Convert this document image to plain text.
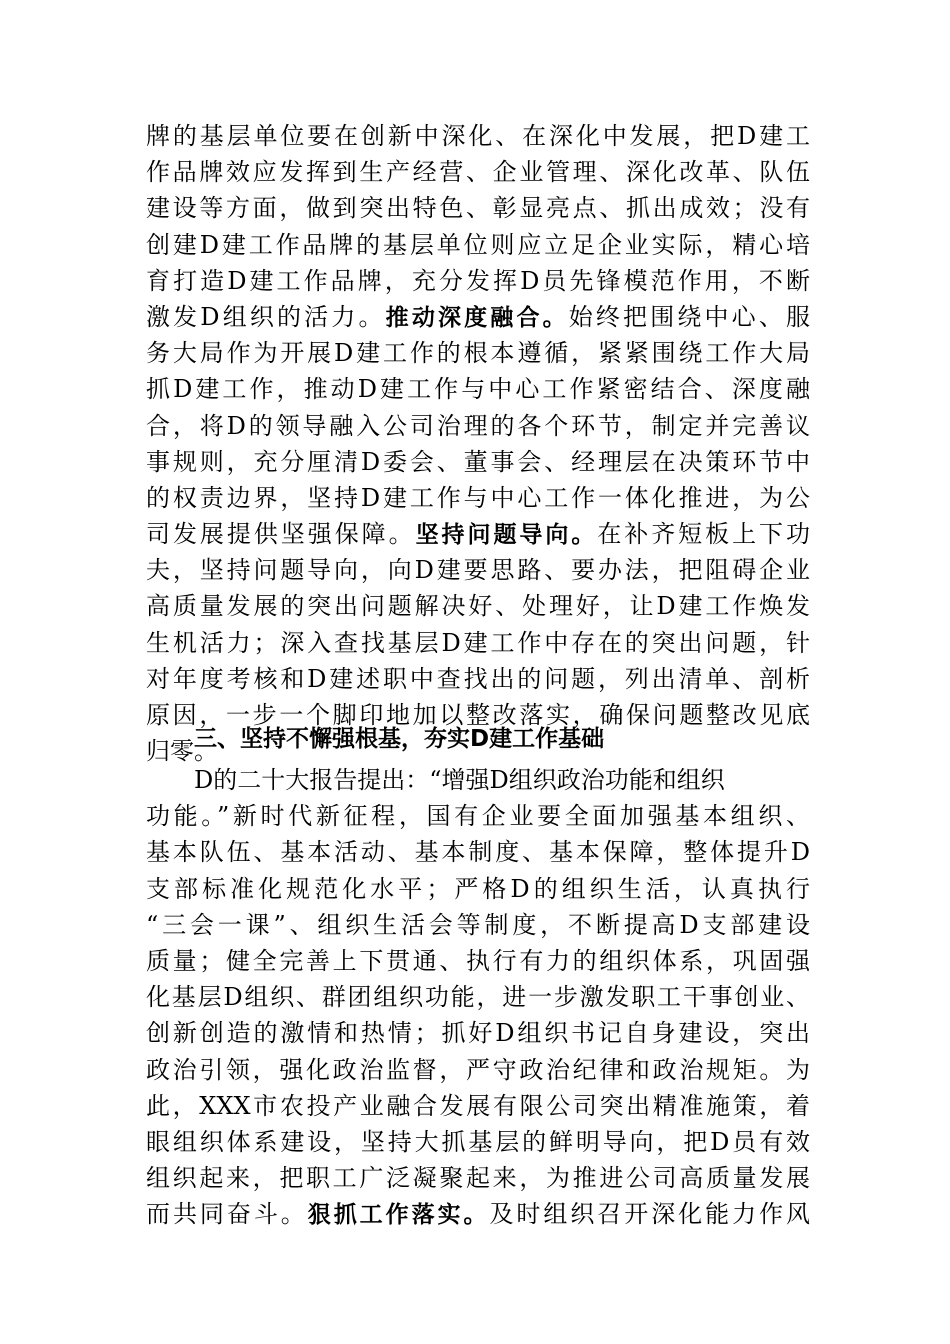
牌的基层单位要在创新中深化、在深化中发展，把D建工
作品牌效应发挥到生产经营、企业管理、深化改革、队伍
建设等方面，做到突出特色、彰显亮点、抓出成效；没有
创建D建工作品牌的基层单位则应立足企业实际，精心培
育打造D建工作品牌，充分发挥D员先锋模范作用，不断
激发D组织的活力。推动深度融合。始终把围绕中心、服
务大局作为开展D建工作的根本遵循，紧紧围绕工作大局
抓D建工作，推动D建工作与中心工作紧密结合、深度融
合，将D的领导融入公司治理的各个环节，制定并完善议
事规则，充分厘清D委会、董事会、经理层在决策环节中
的权责边界，坚持D建工作与中心工作一体化推进，为公
司发展提供坚强保障。坚持问题导向。在补齐短板上下功
夫，坚持问题导向，向D建要思路、要办法，把阻碍企业
高质量发展的突出问题解决好、处理好，让D建工作焕发
生机活力；深入查找基层D建工作中存在的突出问题，针
对年度考核和D建述职中查找出的问题，列出清单、剖析
原因，一步一个脚印地加以整改落实，确保问题整改见底
归零。
三、坚持不懈强根基，夯实D建工作基础
D的二十大报告提出：“增强D组织政治功能和组织
功能。”新时代新征程，国有企业要全面加强基本组织、
基本队伍、基本活动、基本制度、基本保障，整体提升D
支部标准化规范化水平；严格D的组织生活，认真执行
“三会一课”、组织生活会等制度，不断提高D支部建设
质量；健全完善上下贯通、执行有力的组织体系，巩固强
化基层D组织、群团组织功能，进一步激发职工干事创业、
创新创造的激情和热情；抓好D组织书记自身建设，突出
政治引领，强化政治监督，严守政治纪律和政治规矩。为
此，XXX市农投产业融合发展有限公司突出精准施策，着
眼组织体系建设，坚持大抓基层的鲜明导向，把D员有效
组织起来，把职工广泛凝聚起来，为推进公司高质量发展
而共同奋斗。狠抓工作落实。及时组织召开深化能力作风
